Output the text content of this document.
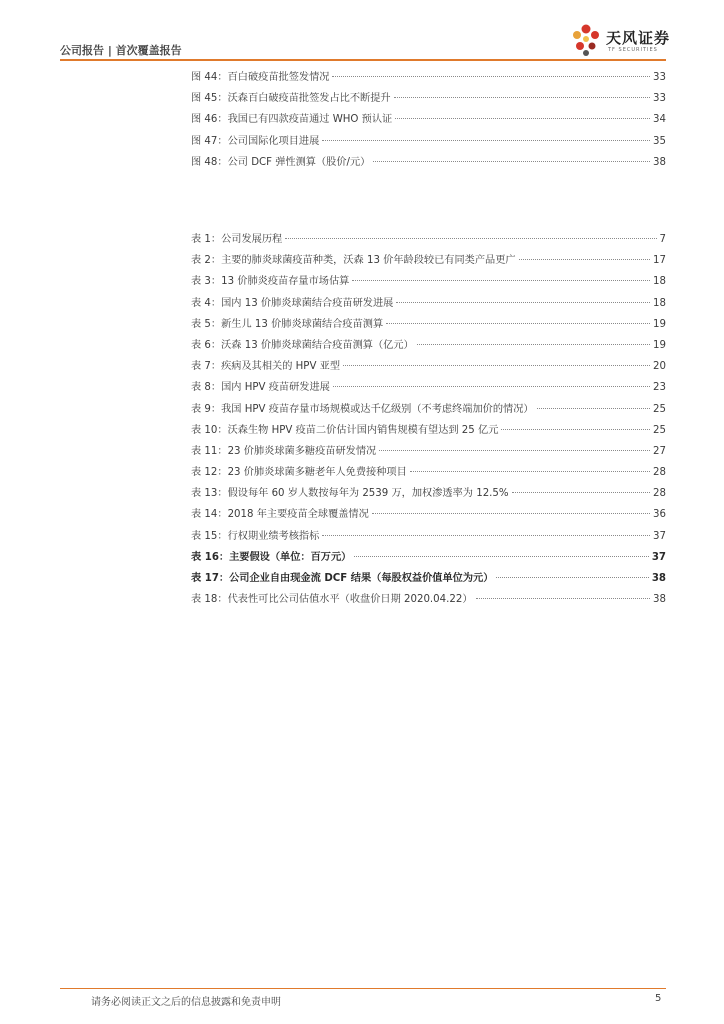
公司报告 | 首次覆盖报告
天风证券
TF SECURITIES
图 44：百白破疫苗批签发情况	33
图 45：沃森百白破疫苗批签发占比不断提升	33
图 46：我国已有四款疫苗通过 WHO 预认证	34
图 47：公司国际化项目进展	35
图 48：公司 DCF 弹性测算（股价/元）	38
表 1：公司发展历程	7
表 2：主要的肺炎球菌疫苗种类，沃森 13 价年龄段较已有同类产品更广	17
表 3：13 价肺炎疫苗存量市场估算	18
表 4：国内 13 价肺炎球菌结合疫苗研发进展	18
表 5：新生儿 13 价肺炎球菌结合疫苗测算	19
表 6：沃森 13 价肺炎球菌结合疫苗测算（亿元）	19
表 7：疾病及其相关的 HPV 亚型	20
表 8：国内 HPV 疫苗研发进展	23
表 9：我国 HPV 疫苗存量市场规模或达千亿级别（不考虑终端加价的情况）	25
表 10：沃森生物 HPV 疫苗二价估计国内销售规模有望达到 25 亿元	25
表 11：23 价肺炎球菌多糖疫苗研发情况	27
表 12：23 价肺炎球菌多糖老年人免费接种项目	28
表 13：假设每年 60 岁人数按每年为 2539 万，加权渗透率为 12.5%	28
表 14：2018 年主要疫苗全球覆盖情况	36
表 15：行权期业绩考核指标	37
表 16：主要假设（单位：百万元）	37
表 17：公司企业自由现金流 DCF 结果（每股权益价值单位为元）	38
表 18：代表性可比公司估值水平（收盘价日期 2020.04.22）	38
请务必阅读正文之后的信息披露和免责申明	5
